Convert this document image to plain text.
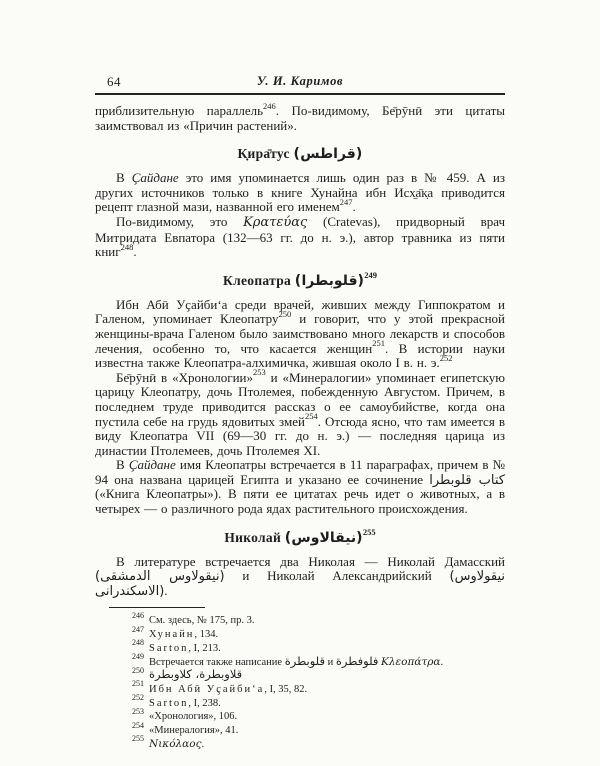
64	У. И. Каримов

приблизительную параллель$^{246}$. По-видимому, Бе̄рӯнӣ эти цитаты заимствовал из «Причин растений».

К̣ира̄тус (قراطس)

В Ҫайдане это имя упоминается лишь один раз в № 459. А из других источников только в книге Хунайна ибн Исх̱а̄к̣а приводится рецепт глазной мази, названной его именем$^{247}$.

По-видимому, это Κρατεύας (Cratevas), придворный врач Митридата Евпатора (132—63 гг. до н. э.), автор травника из пяти книг$^{248}$.

Клеопатра (قلوبطرا)$^{249}$

Ибн Абӣ Уҫайби‘а среди врачей, живших между Гиппократом и Галеном, упоминает Клеопатру$^{250}$ и говорит, что у этой прекрасной женщины-врача Галеном было заимствовано много лекарств и способов лечения, особенно то, что касается женщин$^{251}$. В истории науки известна также Клеопатра-алхимичка, жившая около I в. н. э.$^{252}$

Бе̄рӯнӣ в «Хронологии»$^{253}$ и «Минералогии» упоминает египетскую царицу Клеопатру, дочь Птолемея, побежденную Августом. Причем, в последнем труде приводится рассказ о ее самоубийстве, когда она пустила себе на грудь ядовитых змей$^{254}$. Отсюда ясно, что там имеется в виду Клеопатра VII (69—30 гг. до н. э.) — последняя царица из династии Птолемеев, дочь Птолемея XI.

В Ҫайдане имя Клеопатры встречается в 11 параграфах, причем в № 94 она названа царицей Египта и указано ее сочинение كتاب قلوبطرا («Книга Клеопатры»). В пяти ее цитатах речь идет о животных, а в четырех — о различного рода ядах растительного происхождения.

Николай (نيقالاوس)$^{255}$

В литературе встречается два Николая — Николай Дамасский (نيقولاوس الدمشقى) и Николай Александрийский (نيقولاوس الاسكندرانى).

$^{246}$ См. здесь, № 175, пр. 3.

$^{247}$ Хунайн, 134.

$^{248}$ Sarton, I, 213.

$^{249}$ Встречается также написание قلوبطرة и فلوفطرة Κλεοπάτρα.

$^{250}$ قلاوبطرة، كلاوبطرة

$^{251}$ Ибн Абӣ Уҫайби‘а, I, 35, 82.

$^{252}$ Sarton, I, 238.

$^{253}$ «Хронология», 106.

$^{254}$ «Минералогия», 41.

$^{255}$ Νικόλαος.
